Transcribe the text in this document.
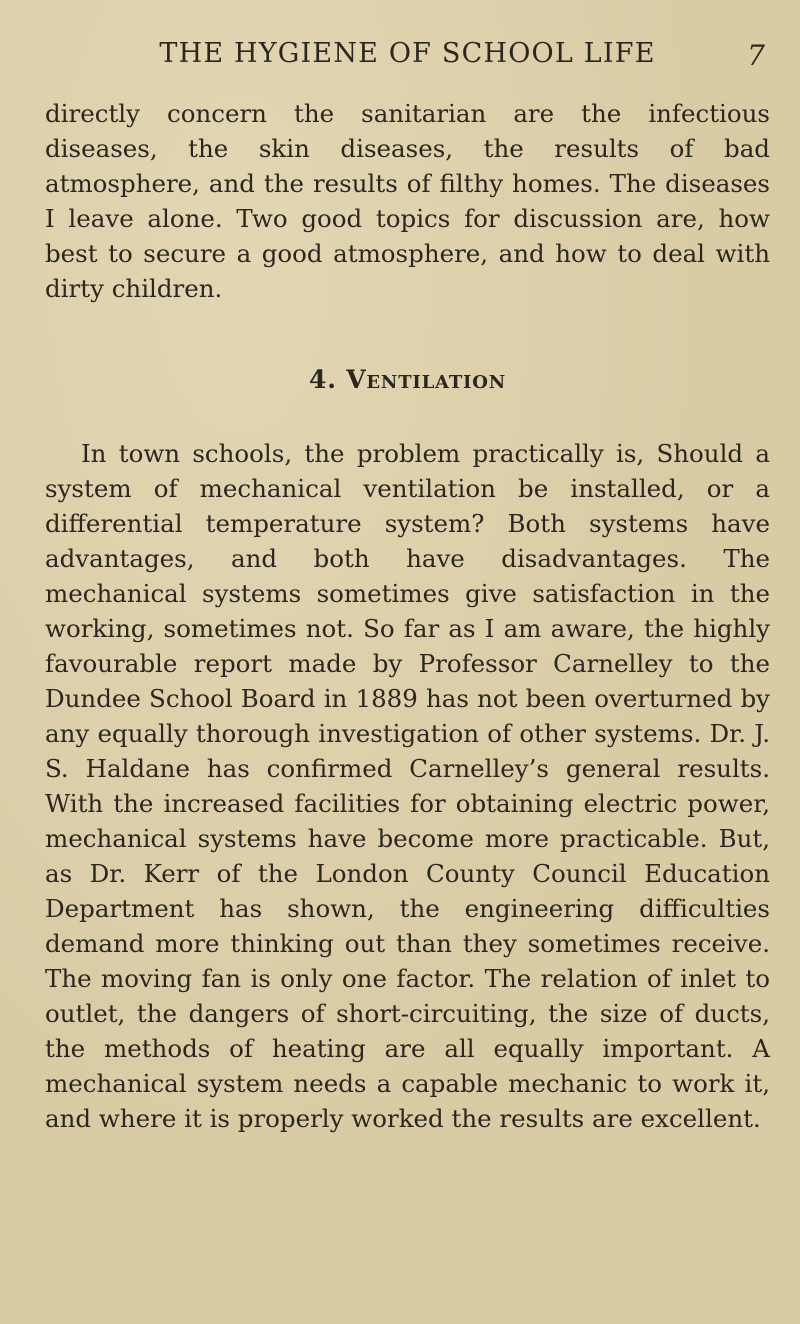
THE HYGIENE OF SCHOOL LIFE	7

directly concern the sanitarian are the infectious diseases, the skin diseases, the results of bad atmosphere, and the results of filthy homes. The diseases I leave alone. Two good topics for discussion are, how best to secure a good atmosphere, and how to deal with dirty children.

4. Ventilation

In town schools, the problem practically is, Should a system of mechanical ventilation be installed, or a differential temperature system? Both systems have advantages, and both have disadvantages. The mechanical systems sometimes give satisfaction in the working, sometimes not. So far as I am aware, the highly favourable report made by Professor Carnelley to the Dundee School Board in 1889 has not been overturned by any equally thorough investigation of other systems. Dr. J. S. Haldane has confirmed Carnelley’s general results. With the increased facilities for obtaining electric power, mechanical systems have become more practicable. But, as Dr. Kerr of the London County Council Education Department has shown, the engineering difficulties demand more thinking out than they sometimes receive. The moving fan is only one factor. The relation of inlet to outlet, the dangers of short-circuiting, the size of ducts, the methods of heating are all equally important. A mechanical system needs a capable mechanic to work it, and where it is properly worked the results are excellent.
